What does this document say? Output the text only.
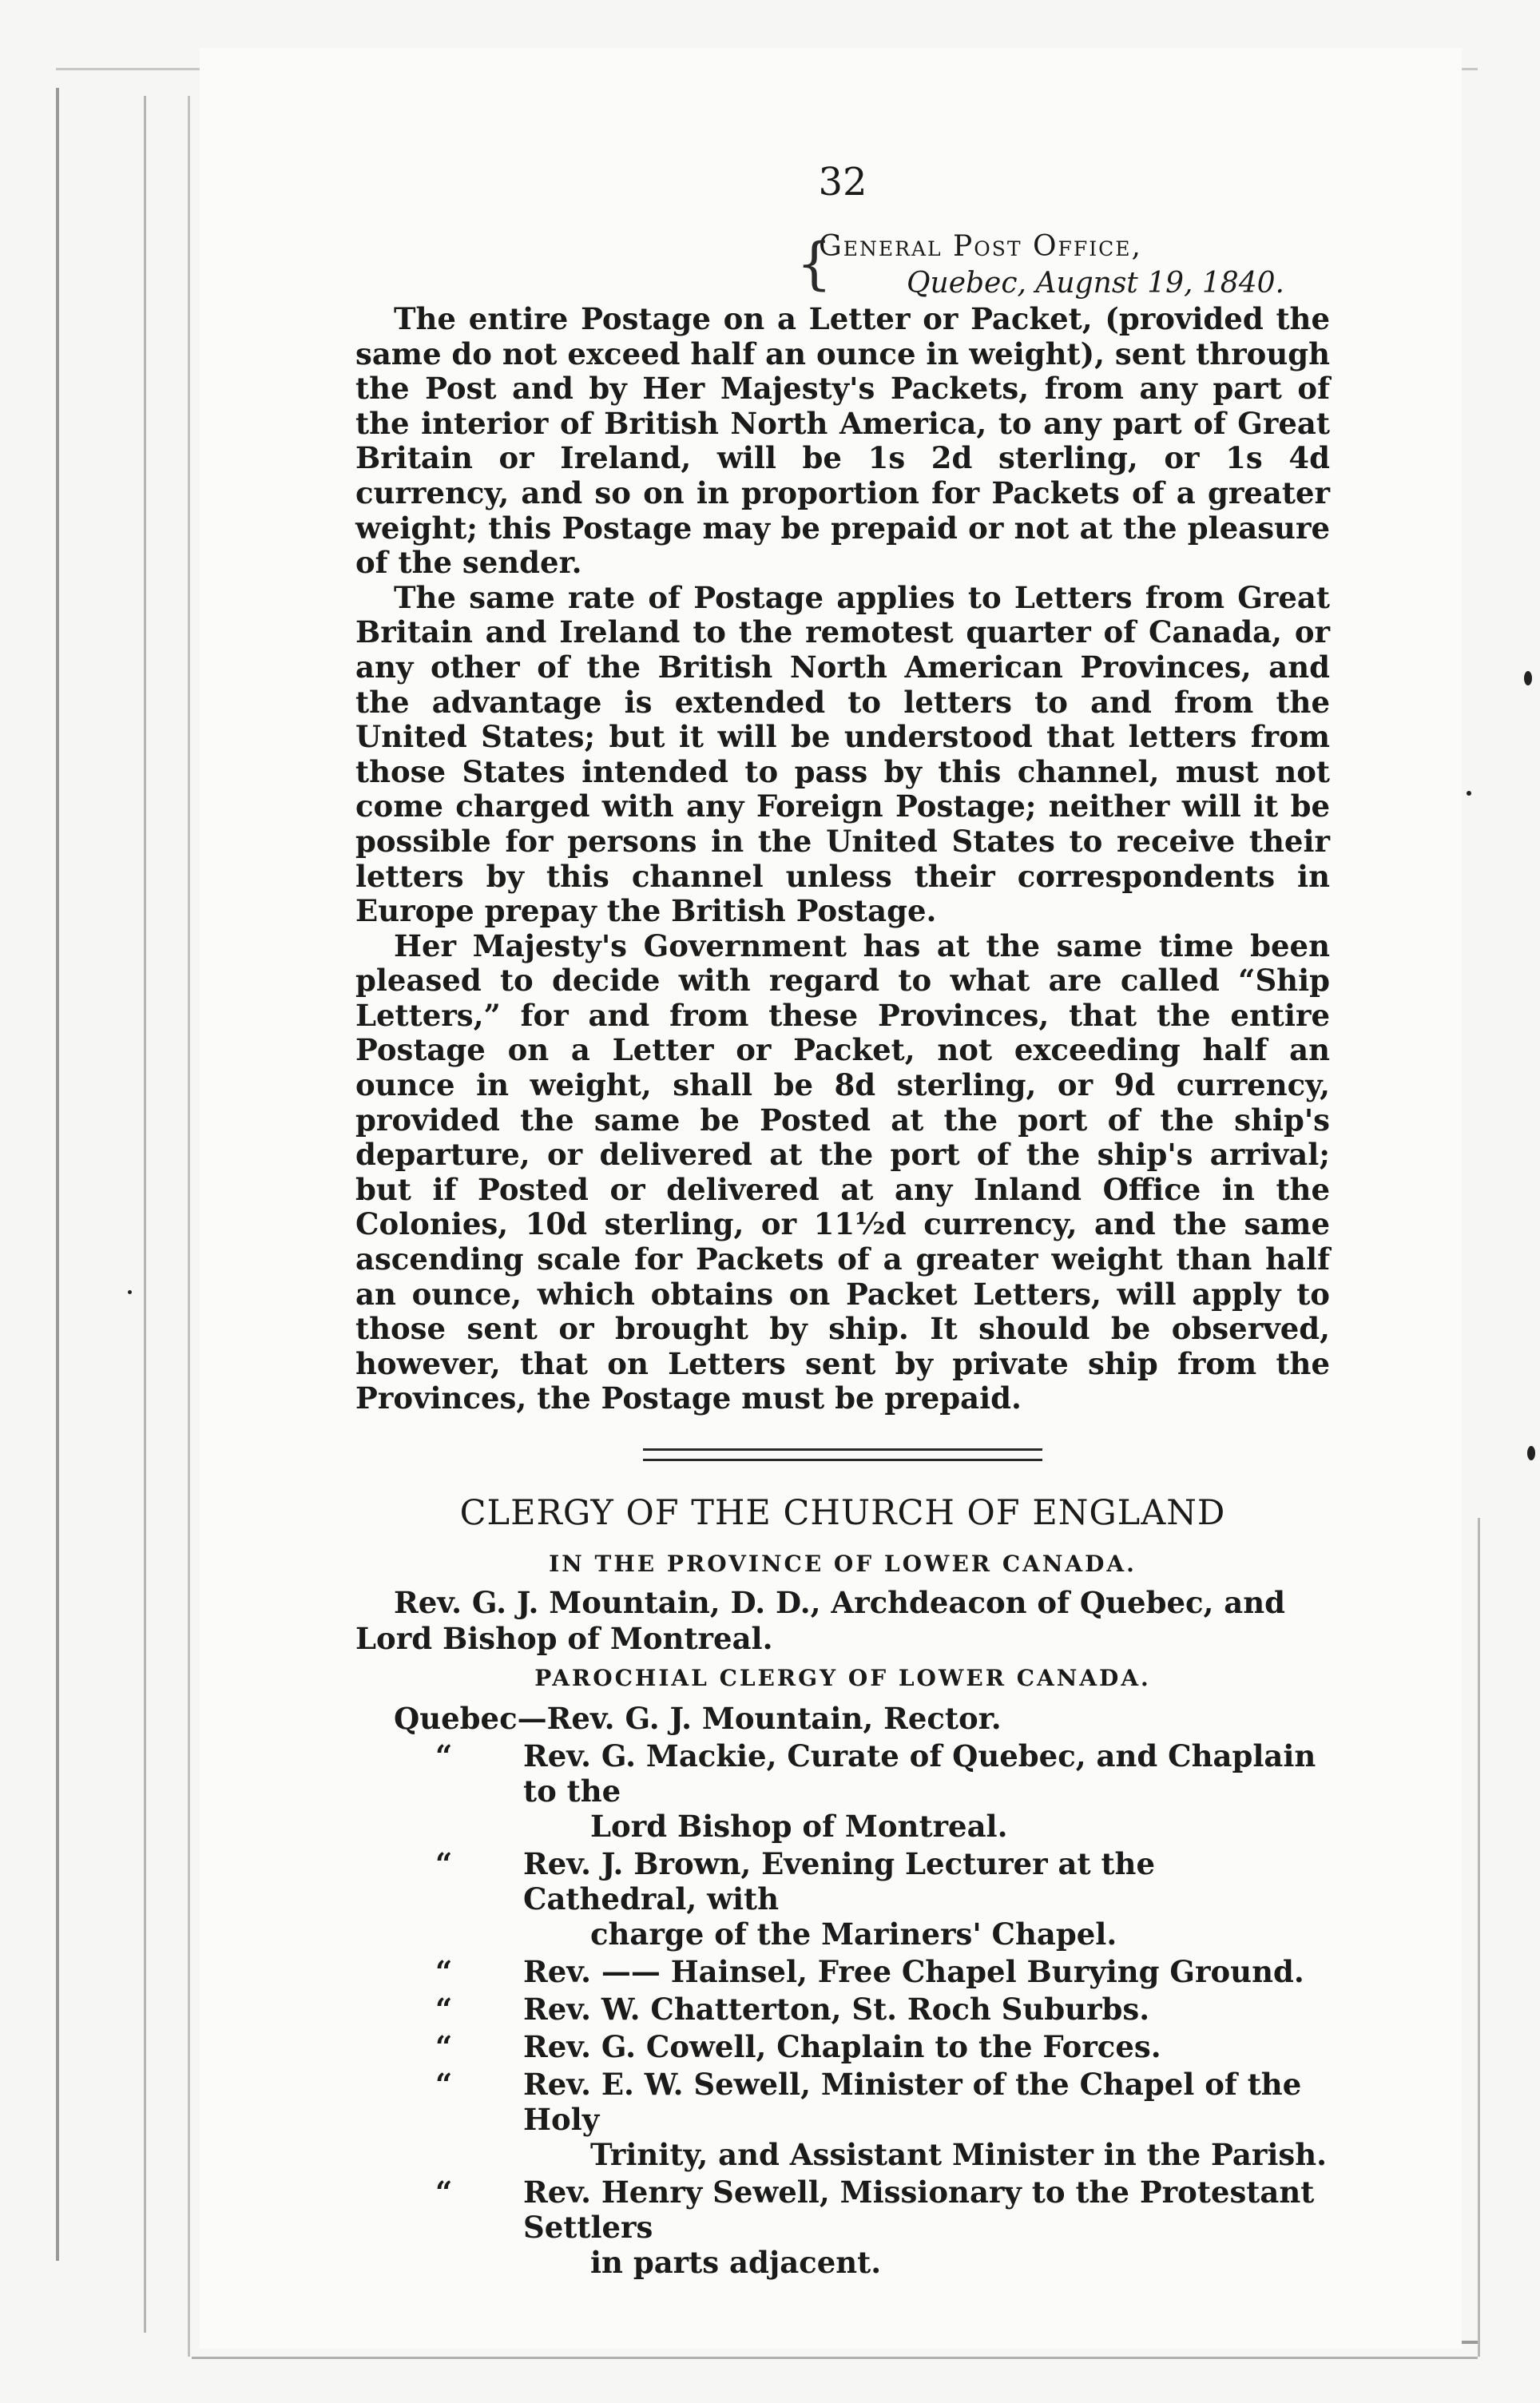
32
{
General Post Office,
Quebec, Augnst 19, 1840.

The entire Postage on a Letter or Packet, (provided the same do not exceed half an ounce in weight), sent through the Post and by Her Majesty's Packets, from any part of the interior of British North America, to any part of Great Britain or Ireland, will be 1s 2d sterling, or 1s 4d currency, and so on in proportion for Packets of a greater weight; this Postage may be prepaid or not at the pleasure of the sender.

The same rate of Postage applies to Letters from Great Britain and Ireland to the remotest quarter of Canada, or any other of the British North American Provinces, and the advantage is extended to letters to and from the United States; but it will be understood that letters from those States intended to pass by this channel, must not come charged with any Foreign Postage; neither will it be possible for persons in the United States to receive their letters by this channel unless their correspondents in Europe prepay the British Postage.

Her Majesty's Government has at the same time been pleased to decide with regard to what are called “Ship Letters,” for and from these Provinces, that the entire Postage on a Letter or Packet, not exceeding half an ounce in weight, shall be 8d sterling, or 9d currency, provided the same be Posted at the port of the ship's departure, or delivered at the port of the ship's arrival; but if Posted or delivered at any Inland Office in the Colonies, 10d sterling, or 11½d currency, and the same ascending scale for Packets of a greater weight than half an ounce, which obtains on Packet Letters, will apply to those sent or brought by ship. It should be observed, however, that on Letters sent by private ship from the Provinces, the Postage must be prepaid.

CLERGY OF THE CHURCH OF ENGLAND
IN THE PROVINCE OF LOWER CANADA.

Rev. G. J. Mountain, D. D., Archdeacon of Quebec, and Lord Bishop of Montreal.

PAROCHIAL CLERGY OF LOWER CANADA.
Quebec—Rev. G. J. Mountain, Rector.
“ Rev. G. Mackie, Curate of Quebec, and Chaplain to the
Lord Bishop of Montreal.
“ Rev. J. Brown, Evening Lecturer at the Cathedral, with
charge of the Mariners' Chapel.
“ Rev. —— Hainsel, Free Chapel Burying Ground.
“ Rev. W. Chatterton, St. Roch Suburbs.
“ Rev. G. Cowell, Chaplain to the Forces.
“ Rev. E. W. Sewell, Minister of the Chapel of the Holy
Trinity, and Assistant Minister in the Parish.
“ Rev. Henry Sewell, Missionary to the Protestant Settlers
in parts adjacent.
